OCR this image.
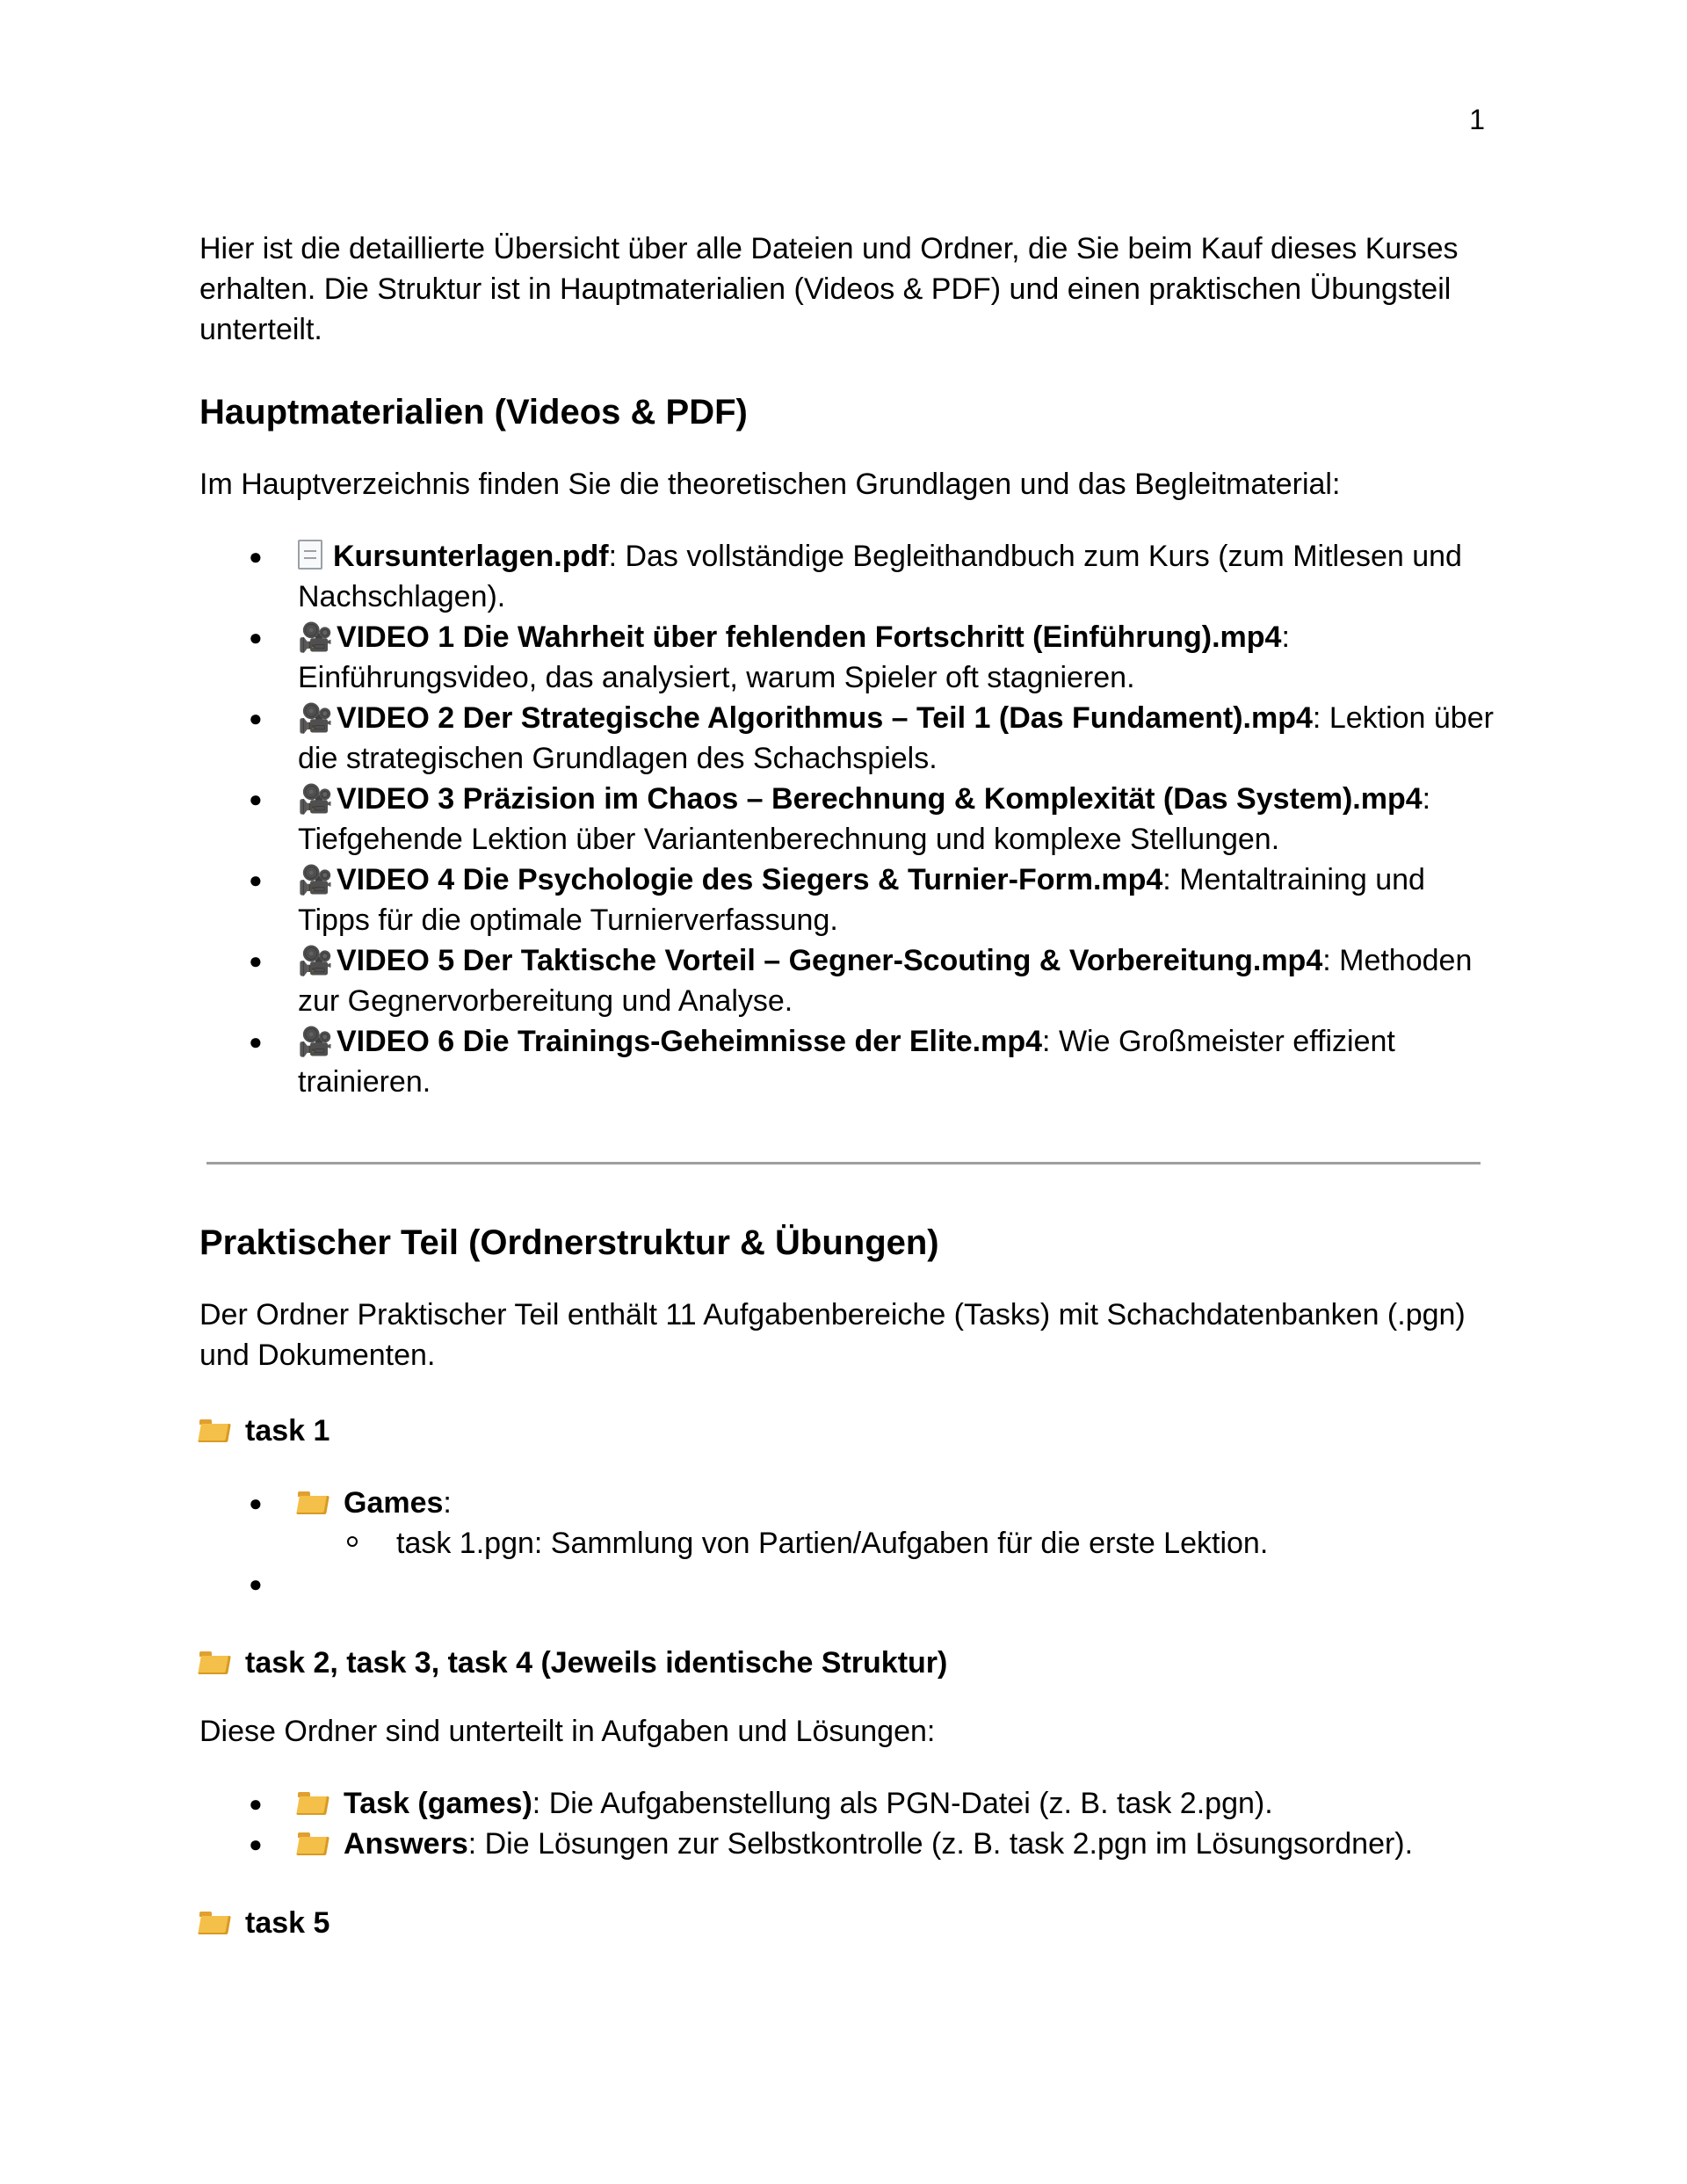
1

Hier ist die detaillierte Übersicht über alle Dateien und Ordner, die Sie beim Kauf dieses Kurses erhalten. Die Struktur ist in Hauptmaterialien (Videos & PDF) und einen praktischen Übungsteil unterteilt.

Hauptmaterialien (Videos & PDF)

Im Hauptverzeichnis finden Sie die theoretischen Grundlagen und das Begleitmaterial:

● Kursunterlagen.pdf: Das vollständige Begleithandbuch zum Kurs (zum Mitlesen und Nachschlagen).
● 🎥 VIDEO 1 Die Wahrheit über fehlenden Fortschritt (Einführung).mp4: Einführungsvideo, das analysiert, warum Spieler oft stagnieren.
● 🎥 VIDEO 2 Der Strategische Algorithmus – Teil 1 (Das Fundament).mp4: Lektion über die strategischen Grundlagen des Schachspiels.
● 🎥 VIDEO 3 Präzision im Chaos – Berechnung & Komplexität (Das System).mp4: Tiefgehende Lektion über Variantenberechnung und komplexe Stellungen.
● 🎥 VIDEO 4 Die Psychologie des Siegers & Turnier-Form.mp4: Mentaltraining und Tipps für die optimale Turnierverfassung.
● 🎥 VIDEO 5 Der Taktische Vorteil – Gegner-Scouting & Vorbereitung.mp4: Methoden zur Gegnervorbereitung und Analyse.
● 🎥 VIDEO 6 Die Trainings-Geheimnisse der Elite.mp4: Wie Großmeister effizient trainieren.
Praktischer Teil (Ordnerstruktur & Übungen)

Der Ordner Praktischer Teil enthält 11 Aufgabenbereiche (Tasks) mit Schachdatenbanken (.pgn) und Dokumenten.

task 1
●	Games:
task 1.pgn: Sammlung von Partien/Aufgaben für die erste Lektion.
●
task 2, task 3, task 4 (Jeweils identische Struktur)

Diese Ordner sind unterteilt in Aufgaben und Lösungen:

●	Task (games): Die Aufgabenstellung als PGN-Datei (z. B. task 2.pgn).
●	Answers: Die Lösungen zur Selbstkontrolle (z. B. task 2.pgn im Lösungsordner).
task 5
